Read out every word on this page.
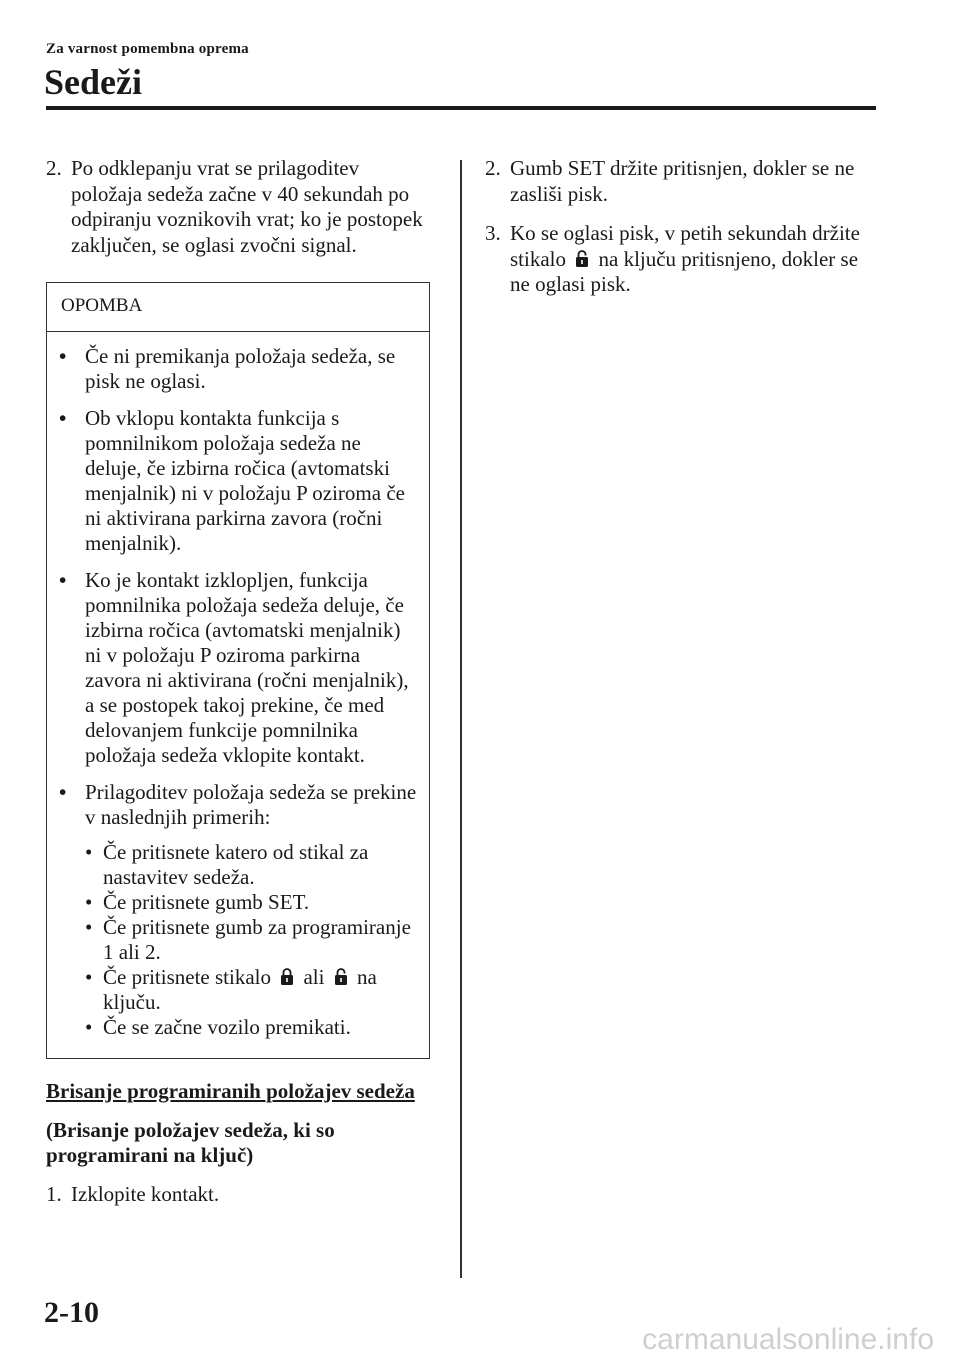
Za varnost pomembna oprema
Sedeži
2. Po odklepanju vrat se prilagoditev položaja sedeža začne v 40 sekundah po odpiranju voznikovih vrat; ko je postopek zaključen, se oglasi zvočni signal.
OPOMBA
• Če ni premikanja položaja sedeža, se pisk ne oglasi.
• Ob vklopu kontakta funkcija s pomnilnikom položaja sedeža ne deluje, če izbirna ročica (avtomatski menjalnik) ni v položaju P oziroma če ni aktivirana parkirna zavora (ročni menjalnik).
• Ko je kontakt izklopljen, funkcija pomnilnika položaja sedeža deluje, če izbirna ročica (avtomatski menjalnik) ni v položaju P oziroma parkirna zavora ni aktivirana (ročni menjalnik), a se postopek takoj prekine, če med delovanjem funkcije pomnilnika položaja sedeža vklopite kontakt.
• Prilagoditev položaja sedeža se prekine v naslednjih primerih:
• Če pritisnete katero od stikal za nastavitev sedeža.
• Če pritisnete gumb SET.
• Če pritisnete gumb za programiranje 1 ali 2.
• Če pritisnete stikalo ali na ključu.
• Če se začne vozilo premikati.

Brisanje programiranih položajev sedeža

(Brisanje položajev sedeža, ki so programirani na ključ)

1. Izklopite kontakt.
2. Gumb SET držite pritisnjen, dokler se ne zasliši pisk.
3. Ko se oglasi pisk, v petih sekundah držite stikalo na ključu pritisnjeno, dokler se ne oglasi pisk.
2-10
carmanualsonline.info
